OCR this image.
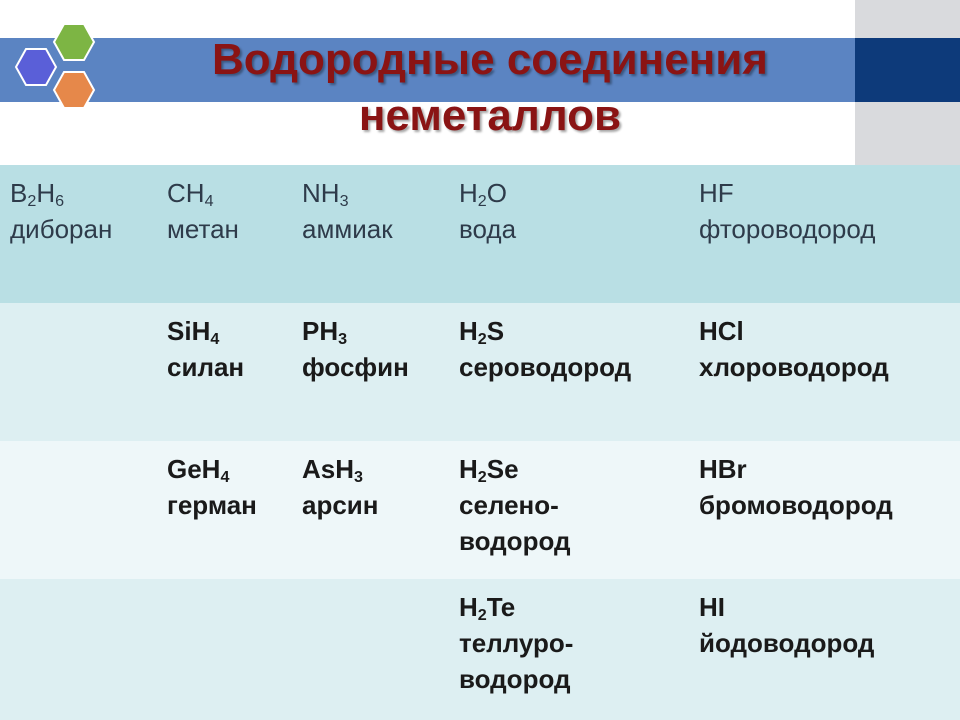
Водородные соединения
неметаллов
$B_2H_6$
диборан
$CH_4$
метан
$NH_3$
аммиак
$H_2O$
вода
HF
фтороводород
SiH$_4$
силан
$PH_3$
фосфин
$H_2S$
сероводород
HCl
хлороводород
GeH$_4$
герман
AsH$_3$
арсин
$H_2Se$
селено-
водород
HBr
бромоводород
$H_2Te$
теллуро-
водород
HI
йодоводород
